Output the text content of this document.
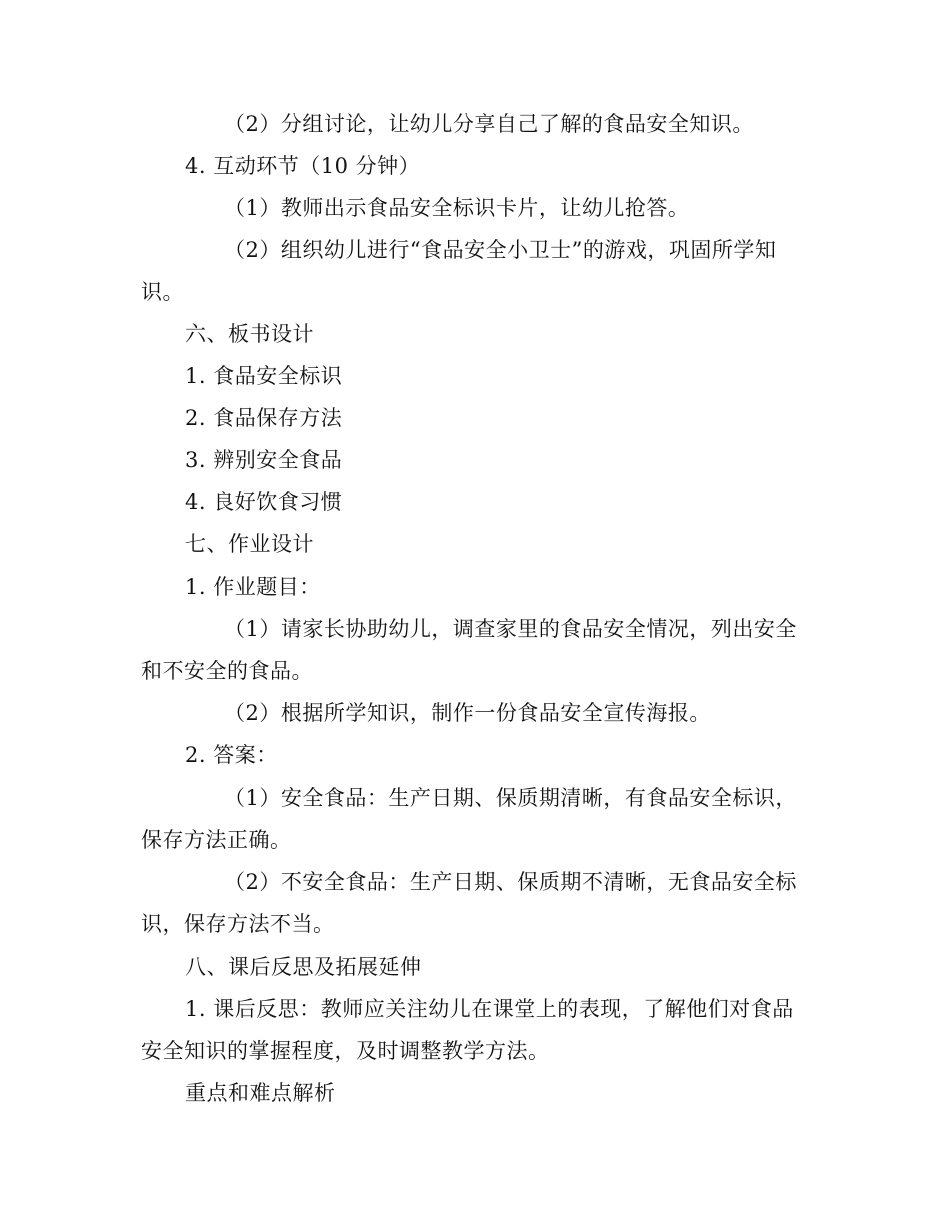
（2）分组讨论，让幼儿分享自己了解的食品安全知识。
4. 互动环节（10 分钟）
（1）教师出示食品安全标识卡片，让幼儿抢答。
（2）组织幼儿进行“食品安全小卫士”的游戏，巩固所学知
识。
六、板书设计
1. 食品安全标识
2. 食品保存方法
3. 辨别安全食品
4. 良好饮食习惯
七、作业设计
1. 作业题目：
（1）请家长协助幼儿，调查家里的食品安全情况，列出安全
和不安全的食品。
（2）根据所学知识，制作一份食品安全宣传海报。
2. 答案：
（1）安全食品：生产日期、保质期清晰，有食品安全标识，
保存方法正确。
（2）不安全食品：生产日期、保质期不清晰，无食品安全标
识，保存方法不当。
八、课后反思及拓展延伸
1. 课后反思：教师应关注幼儿在课堂上的表现，了解他们对食品
安全知识的掌握程度，及时调整教学方法。
重点和难点解析
